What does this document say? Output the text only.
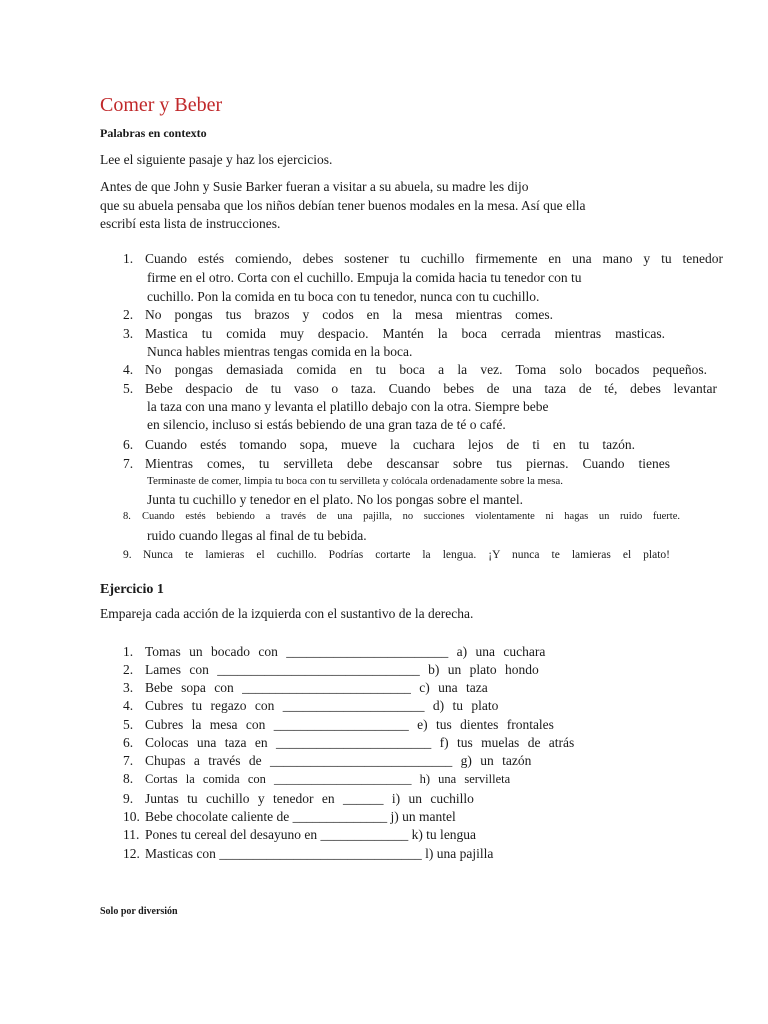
Comer y Beber
Palabras en contexto

Lee el siguiente pasaje y haz los ejercicios.

Antes de que John y Susie Barker fueran a visitar a su abuela, su madre les dijo
que su abuela pensaba que los niños debían tener buenos modales en la mesa. Así que ella
escribí esta lista de instrucciones.

1. Cuando estés comiendo, debes sostener tu cuchillo firmemente en una mano y tu tenedor
firme en el otro. Corta con el cuchillo. Empuja la comida hacia tu tenedor con tu
cuchillo. Pon la comida en tu boca con tu tenedor, nunca con tu cuchillo.
2. No pongas tus brazos y codos en la mesa mientras comes.
3. Mastica tu comida muy despacio. Mantén la boca cerrada mientras masticas.
Nunca hables mientras tengas comida en la boca.
4. No pongas demasiada comida en tu boca a la vez. Toma solo bocados pequeños.
5. Bebe despacio de tu vaso o taza. Cuando bebes de una taza de té, debes levantar
la taza con una mano y levanta el platillo debajo con la otra. Siempre bebe
en silencio, incluso si estás bebiendo de una gran taza de té o café.
6. Cuando estés tomando sopa, mueve la cuchara lejos de ti en tu tazón.
7. Mientras comes, tu servilleta debe descansar sobre tus piernas. Cuando tienes
Terminaste de comer, limpia tu boca con tu servilleta y colócala ordenadamente sobre la mesa.
Junta tu cuchillo y tenedor en el plato. No los pongas sobre el mantel.
8. Cuando estés bebiendo a través de una pajilla, no succiones violentamente ni hagas un ruido fuerte.
ruido cuando llegas al final de tu bebida.
9. Nunca te lamieras el cuchillo. Podrías cortarte la lengua. ¡Y nunca te lamieras el plato!
Ejercicio 1

Empareja cada acción de la izquierda con el sustantivo de la derecha.

1. Tomas un bocado con ________________________ a) una cuchara
2. Lames con ______________________________ b) un plato hondo
3. Bebe sopa con _________________________ c) una taza
4. Cubres tu regazo con _____________________ d) tu plato
5. Cubres la mesa con ____________________ e) tus dientes frontales
6. Colocas una taza en _______________________ f) tus muelas de atrás
7. Chupas a través de ___________________________ g) un tazón
8. Cortas la comida con ______________________ h) una servilleta
9. Juntas tu cuchillo y tenedor en ______ i) un cuchillo
10. Bebe chocolate caliente de ______________ j) un mantel
11. Pones tu cereal del desayuno en _____________ k) tu lengua
12. Masticas con ______________________________ l) una pajilla

Solo por diversión
